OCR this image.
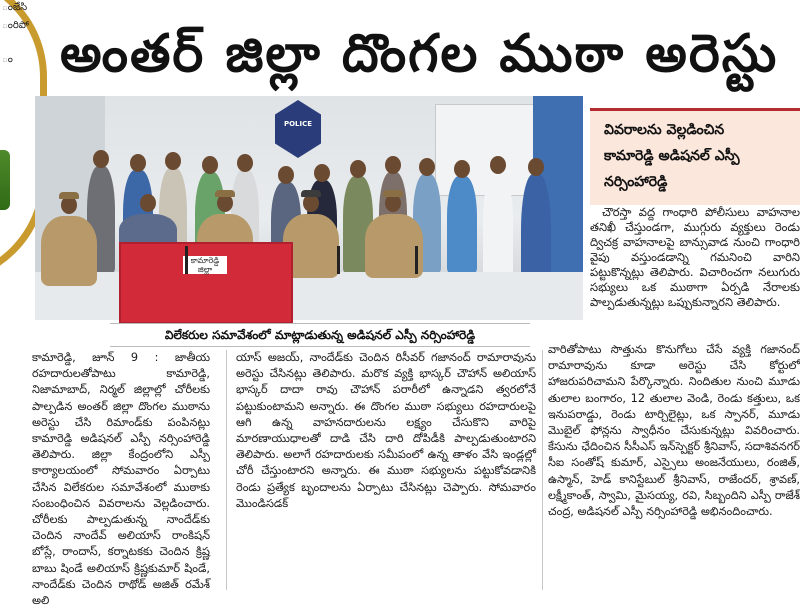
ంజేసి
ంరిపో
ం అంతర్ జిల్లా దొంగల ముఠా అరెస్టు
POLICE
కామారెడ్డి జిల్లా
వివరాలను వెల్లడించిన
కామారెడ్డి అడిషనల్ ఎస్పీ
నర్సింహారెడ్డి

చౌరస్తా వద్ద గాంధారి పోలీసులు వాహనాల తనిఖీ చేస్తుండగా, ముగ్గురు వ్యక్తులు రెండు ద్విచక్ర వాహనాలపై బాన్సువాడ నుంచి గాంధారి వైపు వస్తుండడాన్ని గమనించి వారిని పట్టుకొన్నట్లు తెలిపారు. విచారించగా నలుగురు సభ్యులు ఒక ముఠాగా ఏర్పడి నేరాలకు పాల్పడుతున్నట్లు ఒప్పుకున్నారని తెలిపారు.

విలేకరుల సమావేశంలో మాట్లాడుతున్న అడిషనల్ ఎస్పీ నర్సింహారెడ్డి

కామారెడ్డి, జూన్ 9 : జాతీయ రహదారులతోపాటు కామారెడ్డి, నిజామాబాద్, నిర్మల్ జిల్లాల్లో చోరీలకు పాల్పడిన అంతర్ జిల్లా దొంగల ముఠాను అరెస్టు చేసి రిమాండ్‌కు పంపినట్లు కామారెడ్డి అడిషనల్ ఎస్పీ నర్సింహారెడ్డి తెలిపారు. జిల్లా కేంద్రంలోని ఎస్పీ కార్యాలయంలో సోమవారం ఏర్పాటు చేసిన విలేకరుల సమావేశంలో ముఠాకు సంబంధించిన వివరాలను వెల్లడించారు. చోరీలకు పాల్పడుతున్న నాందేడ్‌కు చెందిన నాందేవ్ అలియాస్ రాంకిషన్ బోస్లే, రాందాస్, కర్నాటకకు చెందిన క్రిష్ణ బాబు షిండే అలియాస్ క్రిష్ణకుమార్ షిండే, నాందేడ్‌కు చెందిన రాథోడ్ అజిత్ రమేశ్ అలి

యాస్ అజయ్, నాందేడ్‌కు చెందిన రిసీవర్ గజానంద్ రామారావును అరెస్టు చేసినట్లు తెలిపారు. మరొక వ్యక్తి భాస్కర్ చౌహాన్ అలియాస్ భాస్కర్ దాదా రావు చౌహాన్ పరారీలో ఉన్నాడని త్వరలోనే పట్టుకుంటామని అన్నారు. ఈ దొంగల ముఠా సభ్యులు రహదారులపై ఆగి ఉన్న వాహనదారులను లక్ష్యం చేసుకొని వారిపై మారణాయుధాలతో దాడి చేసి దారి దోపిడీకి పాల్పడుతుంటారని తెలిపారు. అలాగే రహదారులకు సమీపంలో ఉన్న తాళం వేసి ఇండ్లల్లో చోరీ చేస్తుంటారని అన్నారు. ఈ ముఠా సభ్యులను పట్టుకోవడానికి రెండు ప్రత్యేక బృందాలను ఏర్పాటు చేసినట్లు చెప్పారు. సోమవారం మొండిసడక్

వారితోపాటు సొత్తును కొనుగోలు చేసే వ్యక్తి గజానంద్ రామారావును కూడా అరెస్టు చేసి కోర్టులో హాజరుపరిచామని పేర్కొన్నారు. నిందితుల నుంచి మూడు తులాల బంగారం, 12 తులాల వెండి, రెండు కత్తులు, ఒక ఇనుపరాడ్డు, రెండు టార్చిలైట్లు, ఒక స్పానర్, మూడు మొబైల్ ఫోన్లను స్వాధీనం చేసుకున్నట్లు వివరించారు. కేసును ఛేదించిన సీసీఎస్ ఇన్‌స్పెక్టర్ శ్రీనివాస్, సదాశివనగర్ సీఐ సంతోష్ కుమార్, ఎస్సైలు అంజనేయులు, రంజిత్, ఉస్మాన్, హెడ్ కానిస్టేబుల్ శ్రీనివాస్, రాజేందర్, శ్రావణ్, లక్ష్మీకాంత్, స్వామి, మైసయ్య, రవి, సిబ్బందిని ఎస్పీ రాజేశ్ చంద్ర, అడిషనల్ ఎస్పీ నర్సింహారెడ్డి అభినందించారు.
